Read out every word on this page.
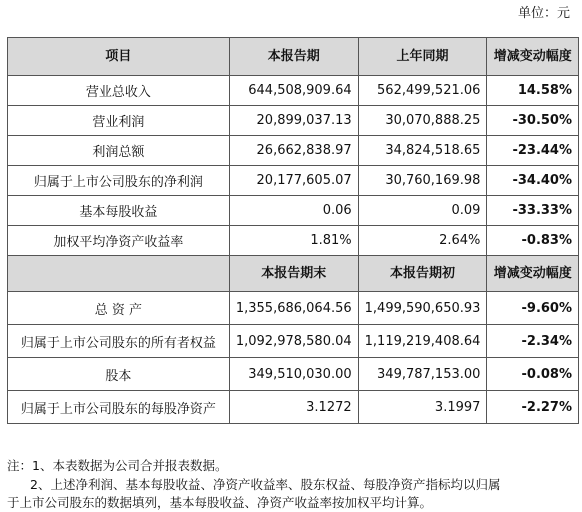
单位：元
项目	本报告期	上年同期	增减变动幅度
营业总收入	644,508,909.64	562,499,521.06	14.58%
营业利润	20,899,037.13	30,070,888.25	-30.50%
利润总额	26,662,838.97	34,824,518.65	-23.44%
归属于上市公司股东的净利润	20,177,605.07	30,760,169.98	-34.40%
基本每股收益	0.06	0.09	-33.33%
加权平均净资产收益率	1.81%	2.64%	-0.83%
	本报告期末	本报告期初	增减变动幅度
总 资 产	1,355,686,064.56	1,499,590,650.93	-9.60%
归属于上市公司股东的所有者权益	1,092,978,580.04	1,119,219,408.64	-2.34%
股本	349,510,030.00	349,787,153.00	-0.08%
归属于上市公司股东的每股净资产	3.1272	3.1997	-2.27%
注：1、本表数据为公司合并报表数据。
2、上述净利润、基本每股收益、净资产收益率、股东权益、每股净资产指标均以归属
于上市公司股东的数据填列，基本每股收益、净资产收益率按加权平均计算。
